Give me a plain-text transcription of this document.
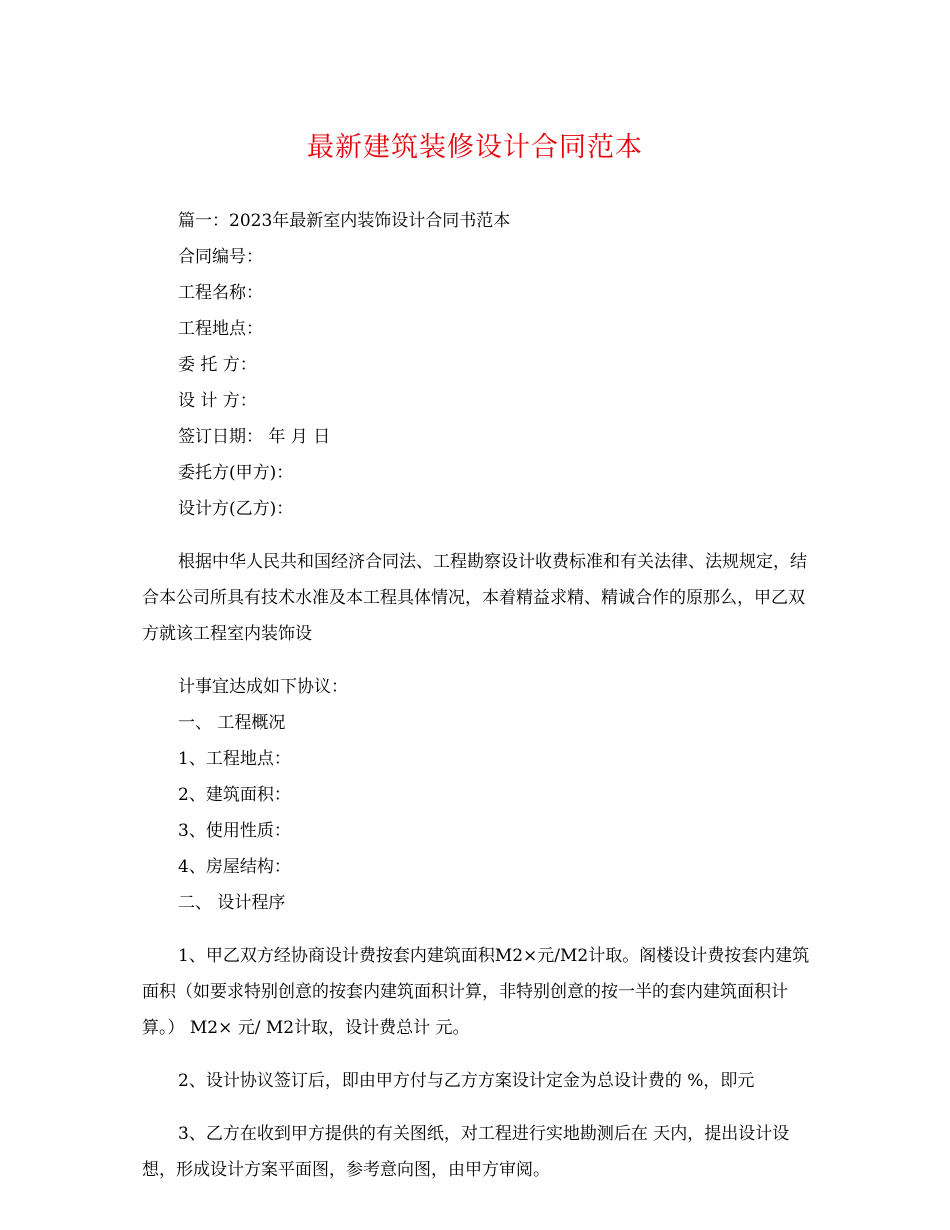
最新建筑装修设计合同范本

篇一：2023年最新室内装饰设计合同书范本

合同编号：

工程名称：

工程地点：

委 托 方：

设 计 方：

签订日期： 年 月 日

委托方(甲方)：

设计方(乙方)：

根据中华人民共和国经济合同法、工程勘察设计收费标准和有关法律、法规规定，结合本公司所具有技术水准及本工程具体情况，本着精益求精、精诚合作的原那么，甲乙双方就该工程室内装饰设

计事宜达成如下协议：

一、 工程概况

1、工程地点：

2、建筑面积：

3、使用性质：

4、房屋结构：

二、 设计程序

1、甲乙双方经协商设计费按套内建筑面积M2×元/M2计取。阁楼设计费按套内建筑面积（如要求特别创意的按套内建筑面积计算，非特别创意的按一半的套内建筑面积计算。） M2× 元/ M2计取，设计费总计 元。

2、设计协议签订后，即由甲方付与乙方方案设计定金为总设计费的 %，即元

3、乙方在收到甲方提供的有关图纸，对工程进行实地勘测后在 天内，提出设计设想，形成设计方案平面图，参考意向图，由甲方审阅。
